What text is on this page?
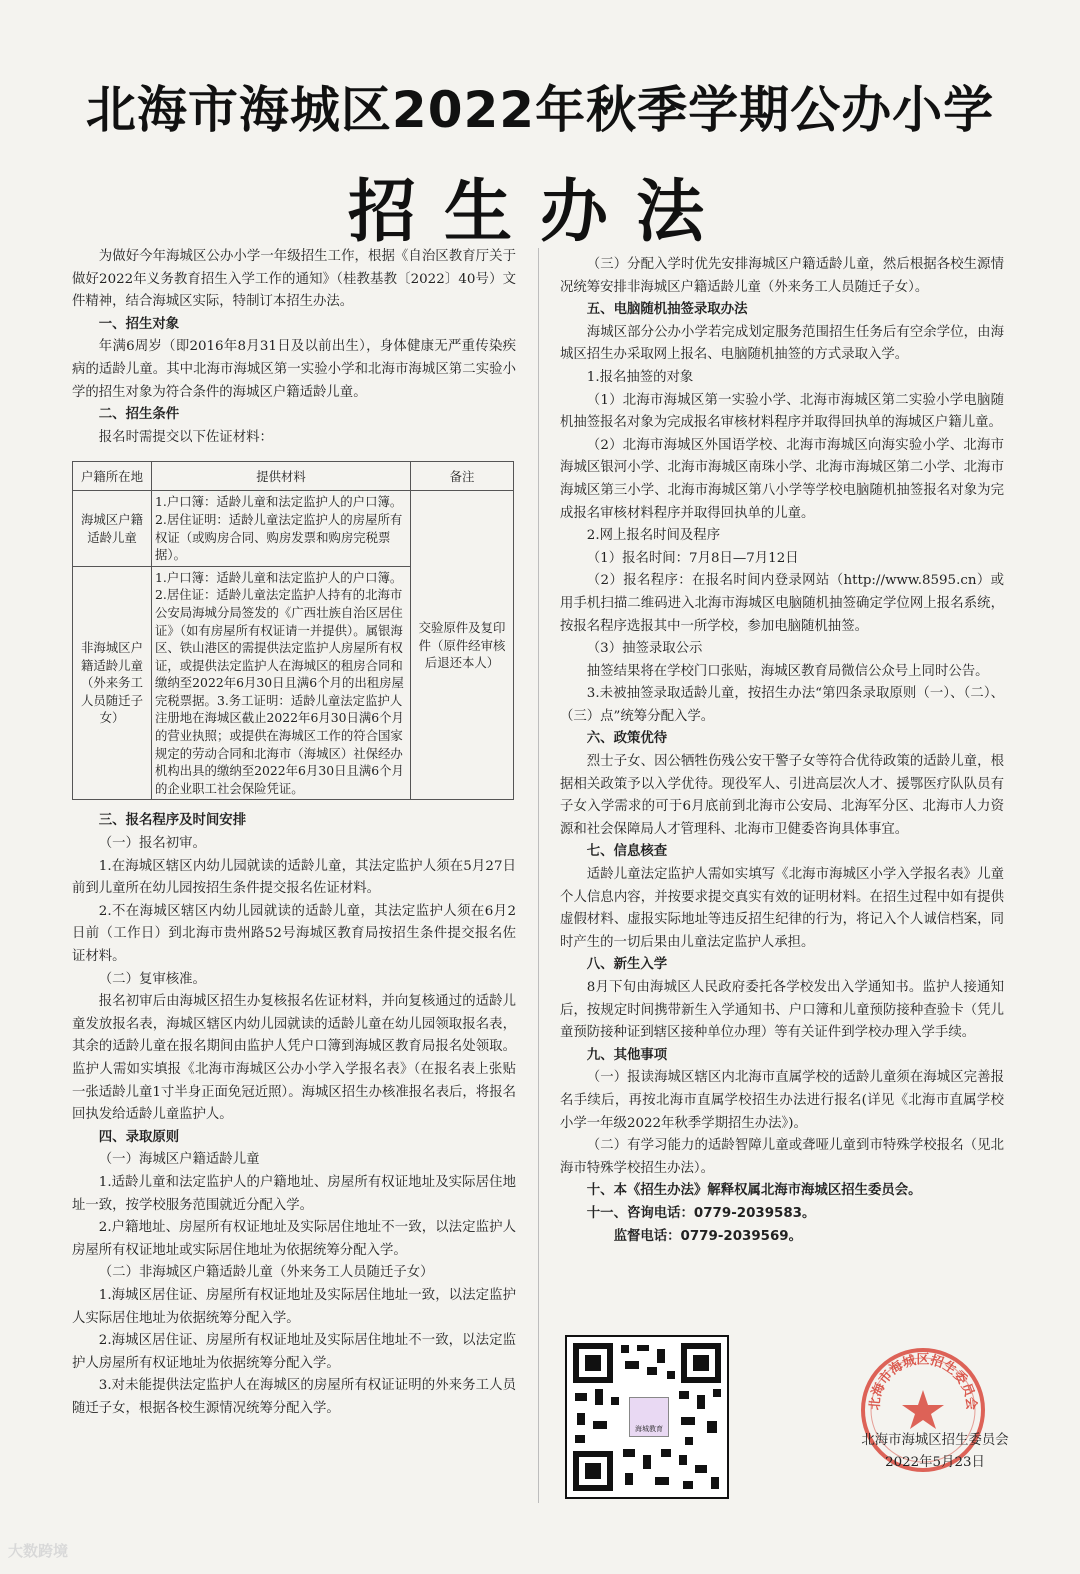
北海市海城区2022年秋季学期公办小学
招生办法

为做好今年海城区公办小学一年级招生工作，根据《自治区教育厅关于做好2022年义务教育招生入学工作的通知》（桂教基教〔2022〕40号）文件精神，结合海城区实际，特制订本招生办法。

一、招生对象

年满6周岁（即2016年8月31日及以前出生），身体健康无严重传染疾病的适龄儿童。其中北海市海城区第一实验小学和北海市海城区第二实验小学的招生对象为符合条件的海城区户籍适龄儿童。

二、招生条件

报名时需提交以下佐证材料：

户籍所在地	提供材料	备注
海城区户籍适龄儿童	1.户口簿：适龄儿童和法定监护人的户口簿。2.居住证明：适龄儿童法定监护人的房屋所有权证（或购房合同、购房发票和购房完税票据）。	交验原件及复印件（原件经审核后退还本人）
非海城区户籍适龄儿童（外来务工人员随迁子女）	1.户口簿：适龄儿童和法定监护人的户口簿。2.居住证：适龄儿童法定监护人持有的北海市公安局海城分局签发的《广西壮族自治区居住证》（如有房屋所有权证请一并提供）。属银海区、铁山港区的需提供法定监护人房屋所有权证，或提供法定监护人在海城区的租房合同和缴纳至2022年6月30日且满6个月的出租房屋完税票据。3.务工证明：适龄儿童法定监护人注册地在海城区截止2022年6月30日满6个月的营业执照；或提供在海城区工作的符合国家规定的劳动合同和北海市（海城区）社保经办机构出具的缴纳至2022年6月30日且满6个月的企业职工社会保险凭证。	
三、报名程序及时间安排

（一）报名初审。

1.在海城区辖区内幼儿园就读的适龄儿童，其法定监护人须在5月27日前到儿童所在幼儿园按招生条件提交报名佐证材料。

2.不在海城区辖区内幼儿园就读的适龄儿童，其法定监护人须在6月2日前（工作日）到北海市贵州路52号海城区教育局按招生条件提交报名佐证材料。

（二）复审核准。

报名初审后由海城区招生办复核报名佐证材料，并向复核通过的适龄儿童发放报名表，海城区辖区内幼儿园就读的适龄儿童在幼儿园领取报名表，其余的适龄儿童在报名期间由监护人凭户口簿到海城区教育局报名处领取。监护人需如实填报《北海市海城区公办小学入学报名表》（在报名表上张贴一张适龄儿童1寸半身正面免冠近照）。海城区招生办核准报名表后，将报名回执发给适龄儿童监护人。

四、录取原则

（一）海城区户籍适龄儿童

1.适龄儿童和法定监护人的户籍地址、房屋所有权证地址及实际居住地址一致，按学校服务范围就近分配入学。

2.户籍地址、房屋所有权证地址及实际居住地址不一致，以法定监护人房屋所有权证地址或实际居住地址为依据统筹分配入学。

（二）非海城区户籍适龄儿童（外来务工人员随迁子女）

1.海城区居住证、房屋所有权证地址及实际居住地址一致，以法定监护人实际居住地址为依据统筹分配入学。

2.海城区居住证、房屋所有权证地址及实际居住地址不一致，以法定监护人房屋所有权证地址为依据统筹分配入学。

3.对未能提供法定监护人在海城区的房屋所有权证证明的外来务工人员随迁子女，根据各校生源情况统筹分配入学。

（三）分配入学时优先安排海城区户籍适龄儿童，然后根据各校生源情况统筹安排非海城区户籍适龄儿童（外来务工人员随迁子女）。

五、电脑随机抽签录取办法

海城区部分公办小学若完成划定服务范围招生任务后有空余学位，由海城区招生办采取网上报名、电脑随机抽签的方式录取入学。

1.报名抽签的对象

（1）北海市海城区第一实验小学、北海市海城区第二实验小学电脑随机抽签报名对象为完成报名审核材料程序并取得回执单的海城区户籍儿童。

（2）北海市海城区外国语学校、北海市海城区向海实验小学、北海市海城区银河小学、北海市海城区南珠小学、北海市海城区第二小学、北海市海城区第三小学、北海市海城区第八小学等学校电脑随机抽签报名对象为完成报名审核材料程序并取得回执单的儿童。

2.网上报名时间及程序

（1）报名时间：7月8日—7月12日

（2）报名程序：在报名时间内登录网站（http://www.8595.cn）或用手机扫描二维码进入北海市海城区电脑随机抽签确定学位网上报名系统，按报名程序选报其中一所学校，参加电脑随机抽签。

（3）抽签录取公示

抽签结果将在学校门口张贴，海城区教育局微信公众号上同时公告。

3.未被抽签录取适龄儿童，按招生办法“第四条录取原则（一）、（二）、（三）点”统筹分配入学。

六、政策优待

烈士子女、因公牺牲伤残公安干警子女等符合优待政策的适龄儿童，根据相关政策予以入学优待。现役军人、引进高层次人才、援鄂医疗队队员有子女入学需求的可于6月底前到北海市公安局、北海军分区、北海市人力资源和社会保障局人才管理科、北海市卫健委咨询具体事宜。

七、信息核查

适龄儿童法定监护人需如实填写《北海市海城区小学入学报名表》儿童个人信息内容，并按要求提交真实有效的证明材料。在招生过程中如有提供虚假材料、虚报实际地址等违反招生纪律的行为，将记入个人诚信档案，同时产生的一切后果由儿童法定监护人承担。

八、新生入学

8月下旬由海城区人民政府委托各学校发出入学通知书。监护人接通知后，按规定时间携带新生入学通知书、户口簿和儿童预防接种查验卡（凭儿童预防接种证到辖区接种单位办理）等有关证件到学校办理入学手续。

九、其他事项

（一）报读海城区辖区内北海市直属学校的适龄儿童须在海城区完善报名手续后，再按北海市直属学校招生办法进行报名(详见《北海市直属学校小学一年级2022年秋季学期招生办法》)。

（二）有学习能力的适龄智障儿童或聋哑儿童到市特殊学校报名（见北海市特殊学校招生办法）。

十、本《招生办法》解释权属北海市海城区招生委员会。
十一、咨询电话：0779-2039583。
监督电话：0779-2039569。
海城教育
北海市海城区招生委员会
北海市海城区招生委员会
2022年5月23日
大数跨境
